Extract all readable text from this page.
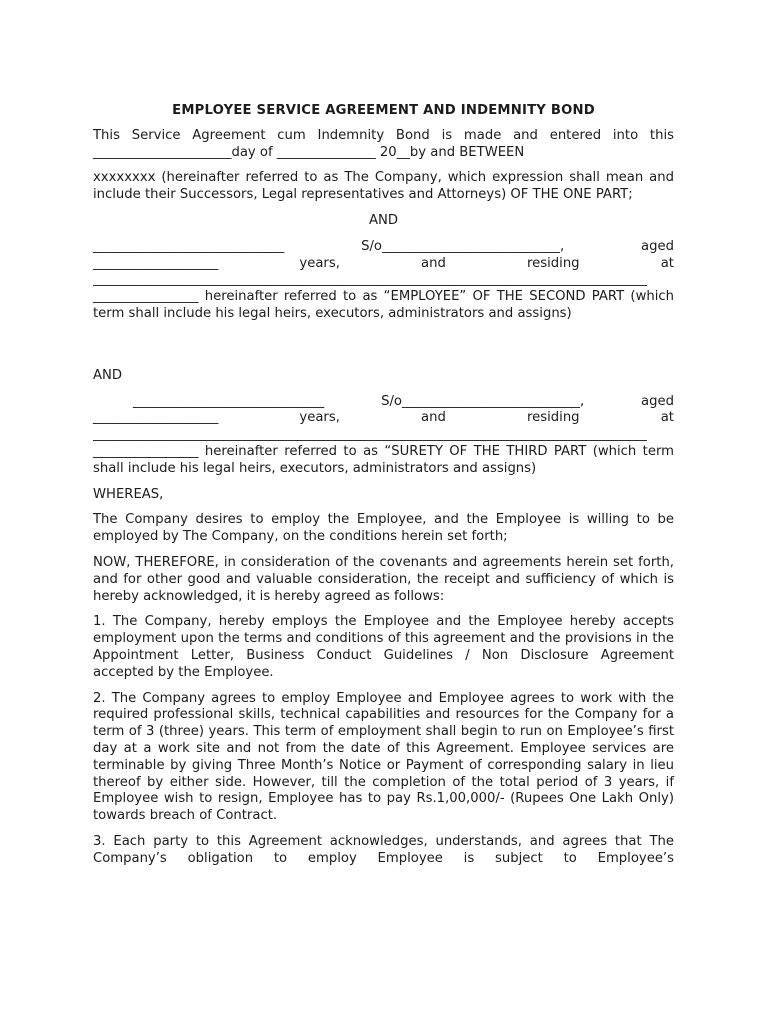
EMPLOYEE SERVICE AGREEMENT AND INDEMNITY BOND

This Service Agreement cum Indemnity Bond is made and entered into this

_____________________day of _______________ 20__by and BETWEEN

xxxxxxxx (hereinafter referred to as The Company, which expression shall mean and include their Successors, Legal representatives and Attorneys) OF THE ONE PART;

AND

_____________________________	S/o___________________________,	aged
___________________	years,	and	residing	at
____________________________________________________________________________________

________________ hereinafter referred to as “EMPLOYEE” OF THE SECOND PART (which term shall include his legal heirs, executors, administrators and assigns)

AND

_____________________________	S/o___________________________,	aged
___________________	years,	and	residing	at
____________________________________________________________________________________

________________ hereinafter referred to as “SURETY OF THE THIRD PART (which term shall include his legal heirs, executors, administrators and assigns)

WHEREAS,

The Company desires to employ the Employee, and the Employee is willing to be employed by The Company, on the conditions herein set forth;

NOW, THEREFORE, in consideration of the covenants and agreements herein set forth, and for other good and valuable consideration, the receipt and sufficiency of which is hereby acknowledged, it is hereby agreed as follows:

1. The Company, hereby employs the Employee and the Employee hereby accepts employment upon the terms and conditions of this agreement and the provisions in the Appointment Letter, Business Conduct Guidelines / Non Disclosure Agreement accepted by the Employee.

2. The Company agrees to employ Employee and Employee agrees to work with the required professional skills, technical capabilities and resources for the Company for a term of 3 (three) years. This term of employment shall begin to run on Employee’s first day at a work site and not from the date of this Agreement. Employee services are terminable by giving Three Month’s Notice or Payment of corresponding salary in lieu thereof by either side. However, till the completion of the total period of 3 years, if Employee wish to resign, Employee has to pay Rs.1,00,000/- (Rupees One Lakh Only) towards breach of Contract.

3. Each party to this Agreement acknowledges, understands, and agrees that The Company’s obligation to employ Employee is subject to Employee’s
